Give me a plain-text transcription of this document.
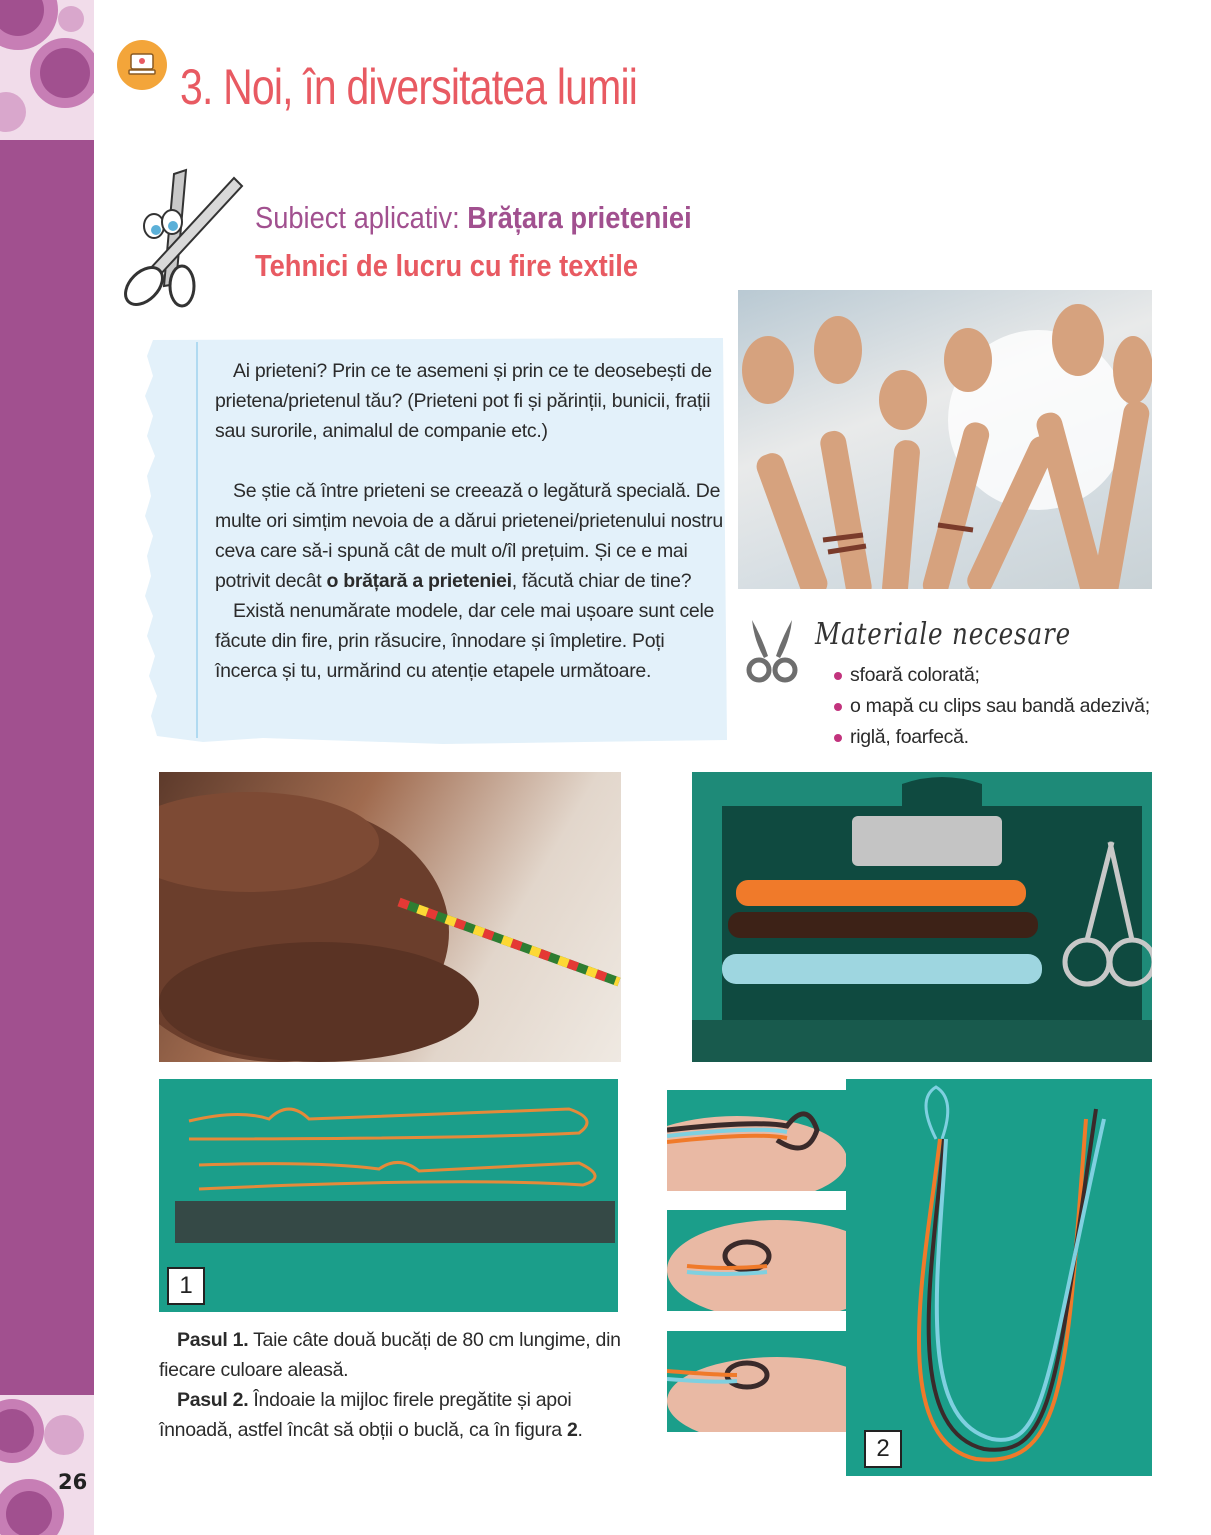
26
3. Noi, în diversitatea lumii
Subiect aplicativ: Brățara prieteniei
Tehnici de lucru cu fire textile

Ai prieteni? Prin ce te asemeni și prin ce te deosebești de prietena/prietenul tău? (Prieteni pot fi și părinții, bunicii, frații sau surorile, animalul de companie etc.)

Se știe că între prieteni se creează o legătură specială. De multe ori simțim nevoia de a dărui prietenei/prietenului nostru ceva care să-i spună cât de mult o/îl prețuim. Și ce e mai potrivit decât o brățară a prieteniei, făcută chiar de tine?

Există nenumărate modele, dar cele mai ușoare sunt cele făcute din fire, prin răsucire, înnodare și împletire. Poți încerca și tu, urmărind cu atenție etapele următoare.

Materiale necesare
sfoară colorată;
o mapă cu clips sau bandă adezivă;
riglă, foarfecă.
1
2

Pasul 1. Taie câte două bucăți de 80 cm lungime, din fiecare culoare aleasă.

Pasul 2. Îndoaie la mijloc firele pregătite și apoi înnoadă, astfel încât să obții o buclă, ca în figura 2.
